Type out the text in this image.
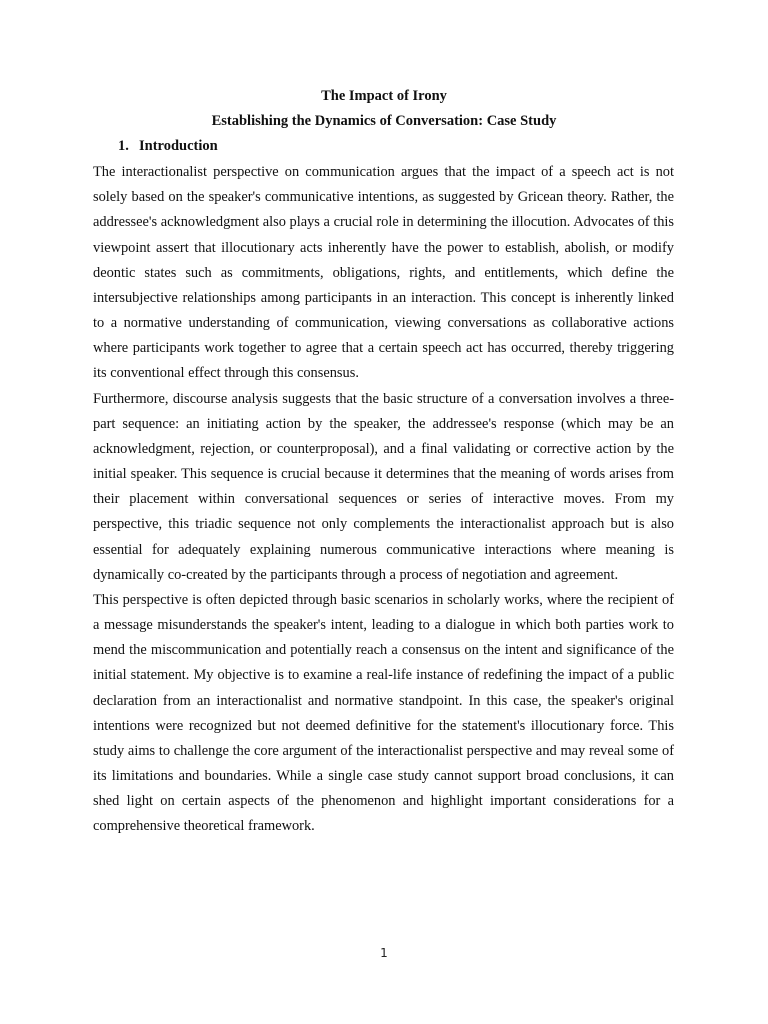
The Impact of Irony
Establishing the Dynamics of Conversation: Case Study
1. Introduction

The interactionalist perspective on communication argues that the impact of a speech act is not solely based on the speaker's communicative intentions, as suggested by Gricean theory. Rather, the addressee's acknowledgment also plays a crucial role in determining the illocution. Advocates of this viewpoint assert that illocutionary acts inherently have the power to establish, abolish, or modify deontic states such as commitments, obligations, rights, and entitlements, which define the intersubjective relationships among participants in an interaction. This concept is inherently linked to a normative understanding of communication, viewing conversations as collaborative actions where participants work together to agree that a certain speech act has occurred, thereby triggering its conventional effect through this consensus.

Furthermore, discourse analysis suggests that the basic structure of a conversation involves a three-part sequence: an initiating action by the speaker, the addressee's response (which may be an acknowledgment, rejection, or counterproposal), and a final validating or corrective action by the initial speaker. This sequence is crucial because it determines that the meaning of words arises from their placement within conversational sequences or series of interactive moves. From my perspective, this triadic sequence not only complements the interactionalist approach but is also essential for adequately explaining numerous communicative interactions where meaning is dynamically co-created by the participants through a process of negotiation and agreement.

This perspective is often depicted through basic scenarios in scholarly works, where the recipient of a message misunderstands the speaker's intent, leading to a dialogue in which both parties work to mend the miscommunication and potentially reach a consensus on the intent and significance of the initial statement. My objective is to examine a real-life instance of redefining the impact of a public declaration from an interactionalist and normative standpoint. In this case, the speaker's original intentions were recognized but not deemed definitive for the statement's illocutionary force. This study aims to challenge the core argument of the interactionalist perspective and may reveal some of its limitations and boundaries. While a single case study cannot support broad conclusions, it can shed light on certain aspects of the phenomenon and highlight important considerations for a comprehensive theoretical framework.

1
